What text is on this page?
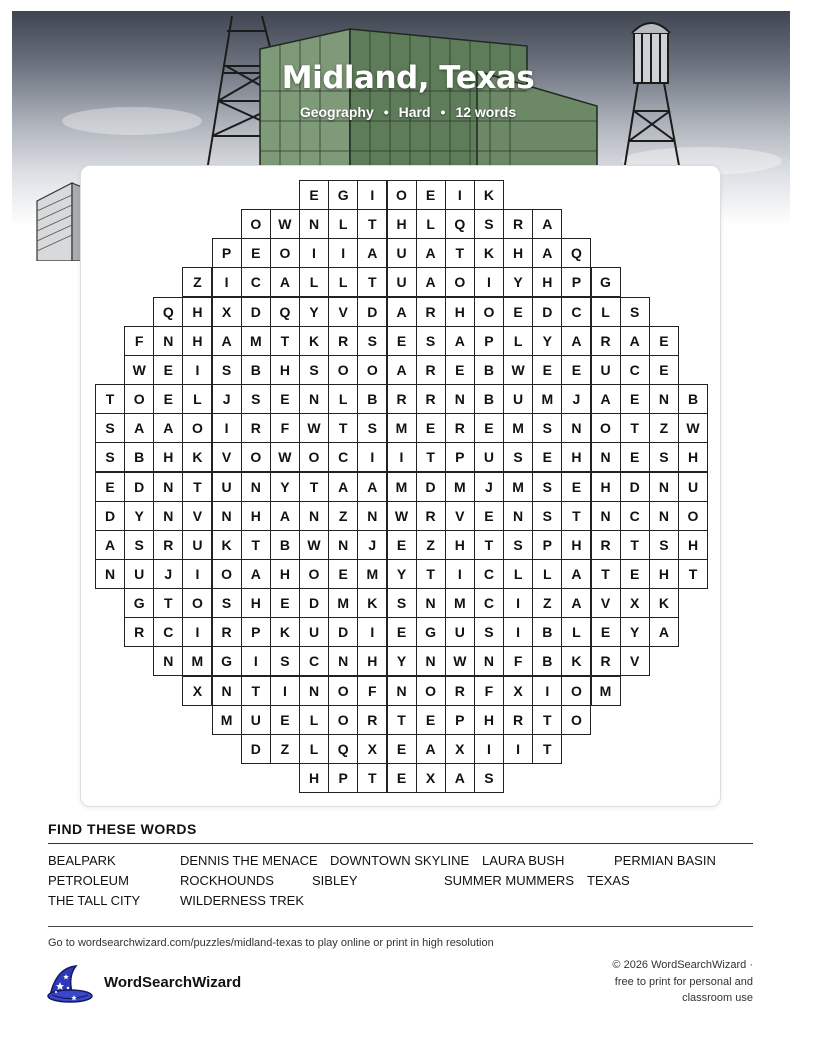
Midland, Texas
Geography • Hard • 12 words
E	G	I	O	E	I	K
O	W	N	L	T	H	L	Q	S	R	A
P	E	O	I	I	A	U	A	T	K	H	A	Q
Z	I	C	A	L	L	T	U	A	O	I	Y	H	P	G
Q	H	X	D	Q	Y	V	D	A	R	H	O	E	D	C	L	S
F	N	H	A	M	T	K	R	S	E	S	A	P	L	Y	A	R	A	E
W	E	I	S	B	H	S	O	O	A	R	E	B	W	E	E	U	C	E
T	O	E	L	J	S	E	N	L	B	R	R	N	B	U	M	J	A	E	N	B
S	A	A	O	I	R	F	W	T	S	M	E	R	E	M	S	N	O	T	Z	W
S	B	H	K	V	O	W	O	C	I	I	T	P	U	S	E	H	N	E	S	H
E	D	N	T	U	N	Y	T	A	A	M	D	M	J	M	S	E	H	D	N	U
D	Y	N	V	N	H	A	N	Z	N	W	R	V	E	N	S	T	N	C	N	O
A	S	R	U	K	T	B	W	N	J	E	Z	H	T	S	P	H	R	T	S	H
N	U	J	I	O	A	H	O	E	M	Y	T	I	C	L	L	A	T	E	H	T
G	T	O	S	H	E	D	M	K	S	N	M	C	I	Z	A	V	X	K
R	C	I	R	P	K	U	D	I	E	G	U	S	I	B	L	E	Y	A
N	M	G	I	S	C	N	H	Y	N	W	N	F	B	K	R	V
X	N	T	I	N	O	F	N	O	R	F	X	I	O	M
M	U	E	L	O	R	T	E	P	H	R	T	O
D	Z	L	Q	X	E	A	X	I	I	T
H	P	T	E	X	A	S
FIND THESE WORDS
BEALPARK	DENNIS THE MENACE DOWNTOWN SKYLINE LAURA BUSH	PERMIAN BASIN
PETROLEUM	ROCKHOUNDS	SIBLEY	SUMMER MUMMERS TEXAS
THE TALL CITY	WILDERNESS TREK
Go to wordsearchwizard.com/puzzles/midland-texas to play online or print in high resolution
WordSearchWizard
© 2026 WordSearchWizard ·
free to print for personal and
classroom use
